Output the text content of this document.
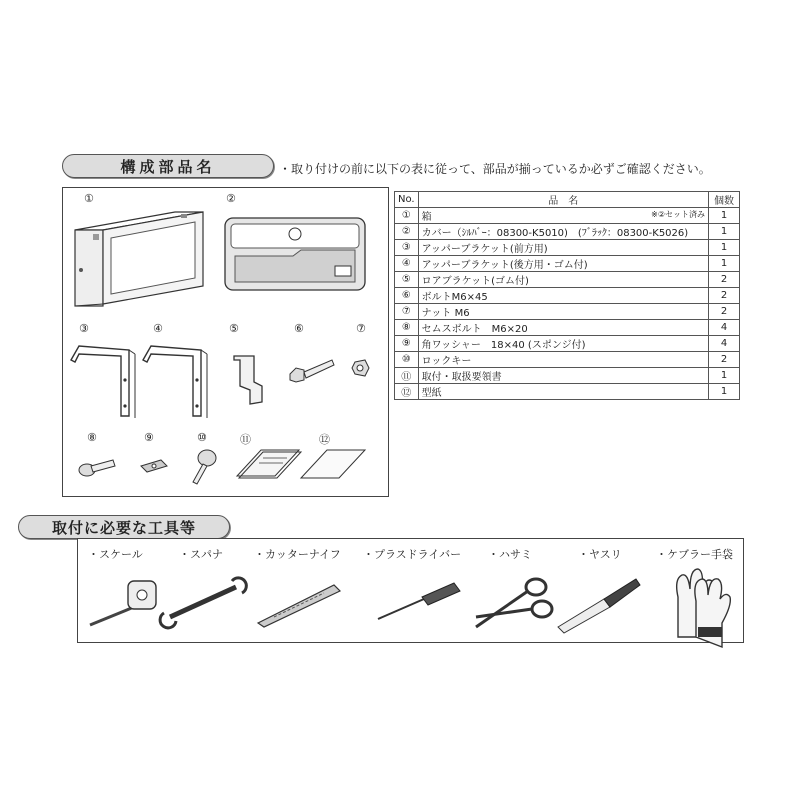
構成部品名	・取り付けの前に以下の表に従って、部品が揃っているか必ずご確認ください。
①	②
③	④	⑤	⑥	⑦
⑧	⑨	⑩	⑪	⑫
No.	品　名	個数
①	箱 ※②セット済み	1
②	カバー（ｼﾙﾊﾞｰ：08300-K5010)　(ﾌﾞﾗｯｸ：08300-K5026)	1
③	アッパーブラケット(前方用)	1
④	アッパーブラケット(後方用・ゴム付)	1
⑤	ロアブラケット(ゴム付)	2
⑥	ボルトM6×45	2
⑦	ナット M6	2
⑧	セムスボルト　M6×20	4
⑨	角ワッシャー　18×40 (スポンジ付)	4
⑩	ロックキー	2
⑪	取付・取扱要領書	1
⑫	型紙	1
取付に必要な工具等
・スケール	・スパナ	・カッターナイフ ・プラスドライバー ・ハサミ	・ヤスリ	・ケブラー手袋
